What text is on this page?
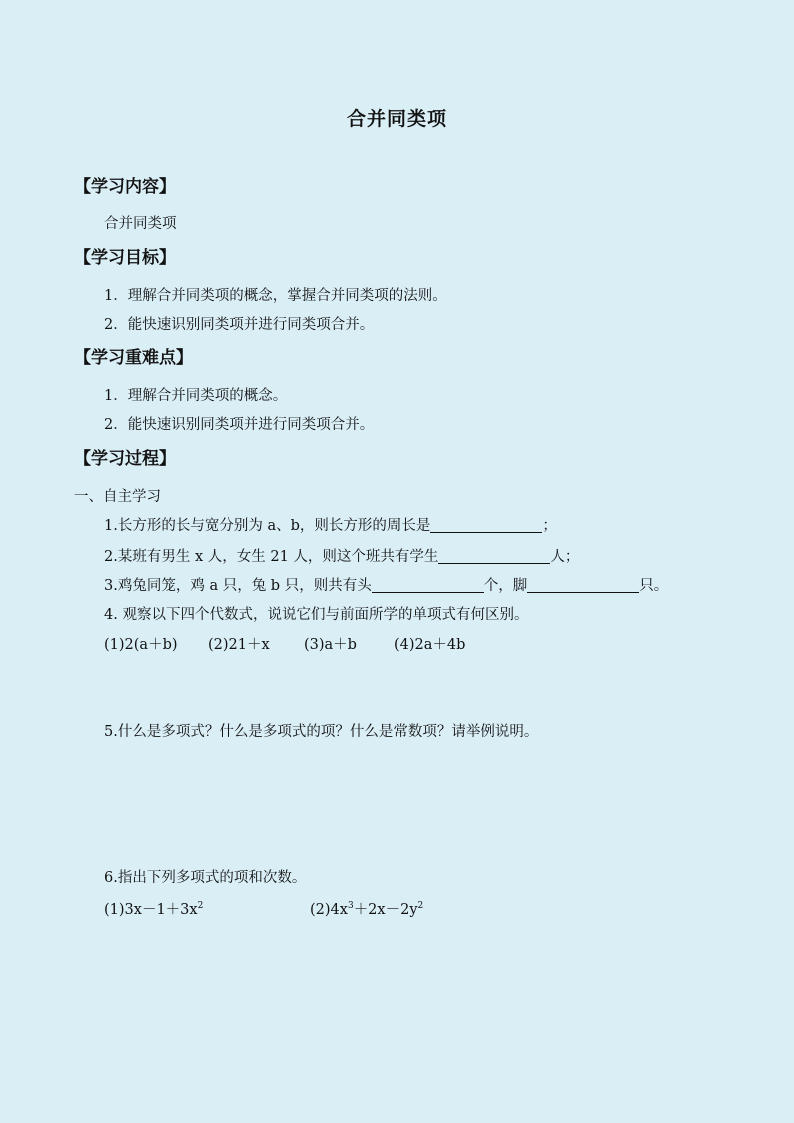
合并同类项
【学习内容】
合并同类项
【学习目标】
1．理解合并同类项的概念，掌握合并同类项的法则。
2．能快速识别同类项并进行同类项合并。
【学习重难点】
1．理解合并同类项的概念。
2．能快速识别同类项并进行同类项合并。
【学习过程】
一、自主学习
1.长方形的长与宽分别为 a、b，则长方形的周长是	；
2.某班有男生 x 人，女生 21 人，则这个班共有学生	人；
3.鸡兔同笼，鸡 a 只，兔 b 只，则共有头	个，脚	只。
4. 观察以下四个代数式，说说它们与前面所学的单项式有何区别。
(1)2(a＋b) (2)21＋x (3)a＋b	(4)2a＋4b
5.什么是多项式？什么是多项式的项？什么是常数项？请举例说明。
6.指出下列多项式的项和次数。
$(1)3x-1+3x^2$	$(2)4x^3+2x-2y^2$
